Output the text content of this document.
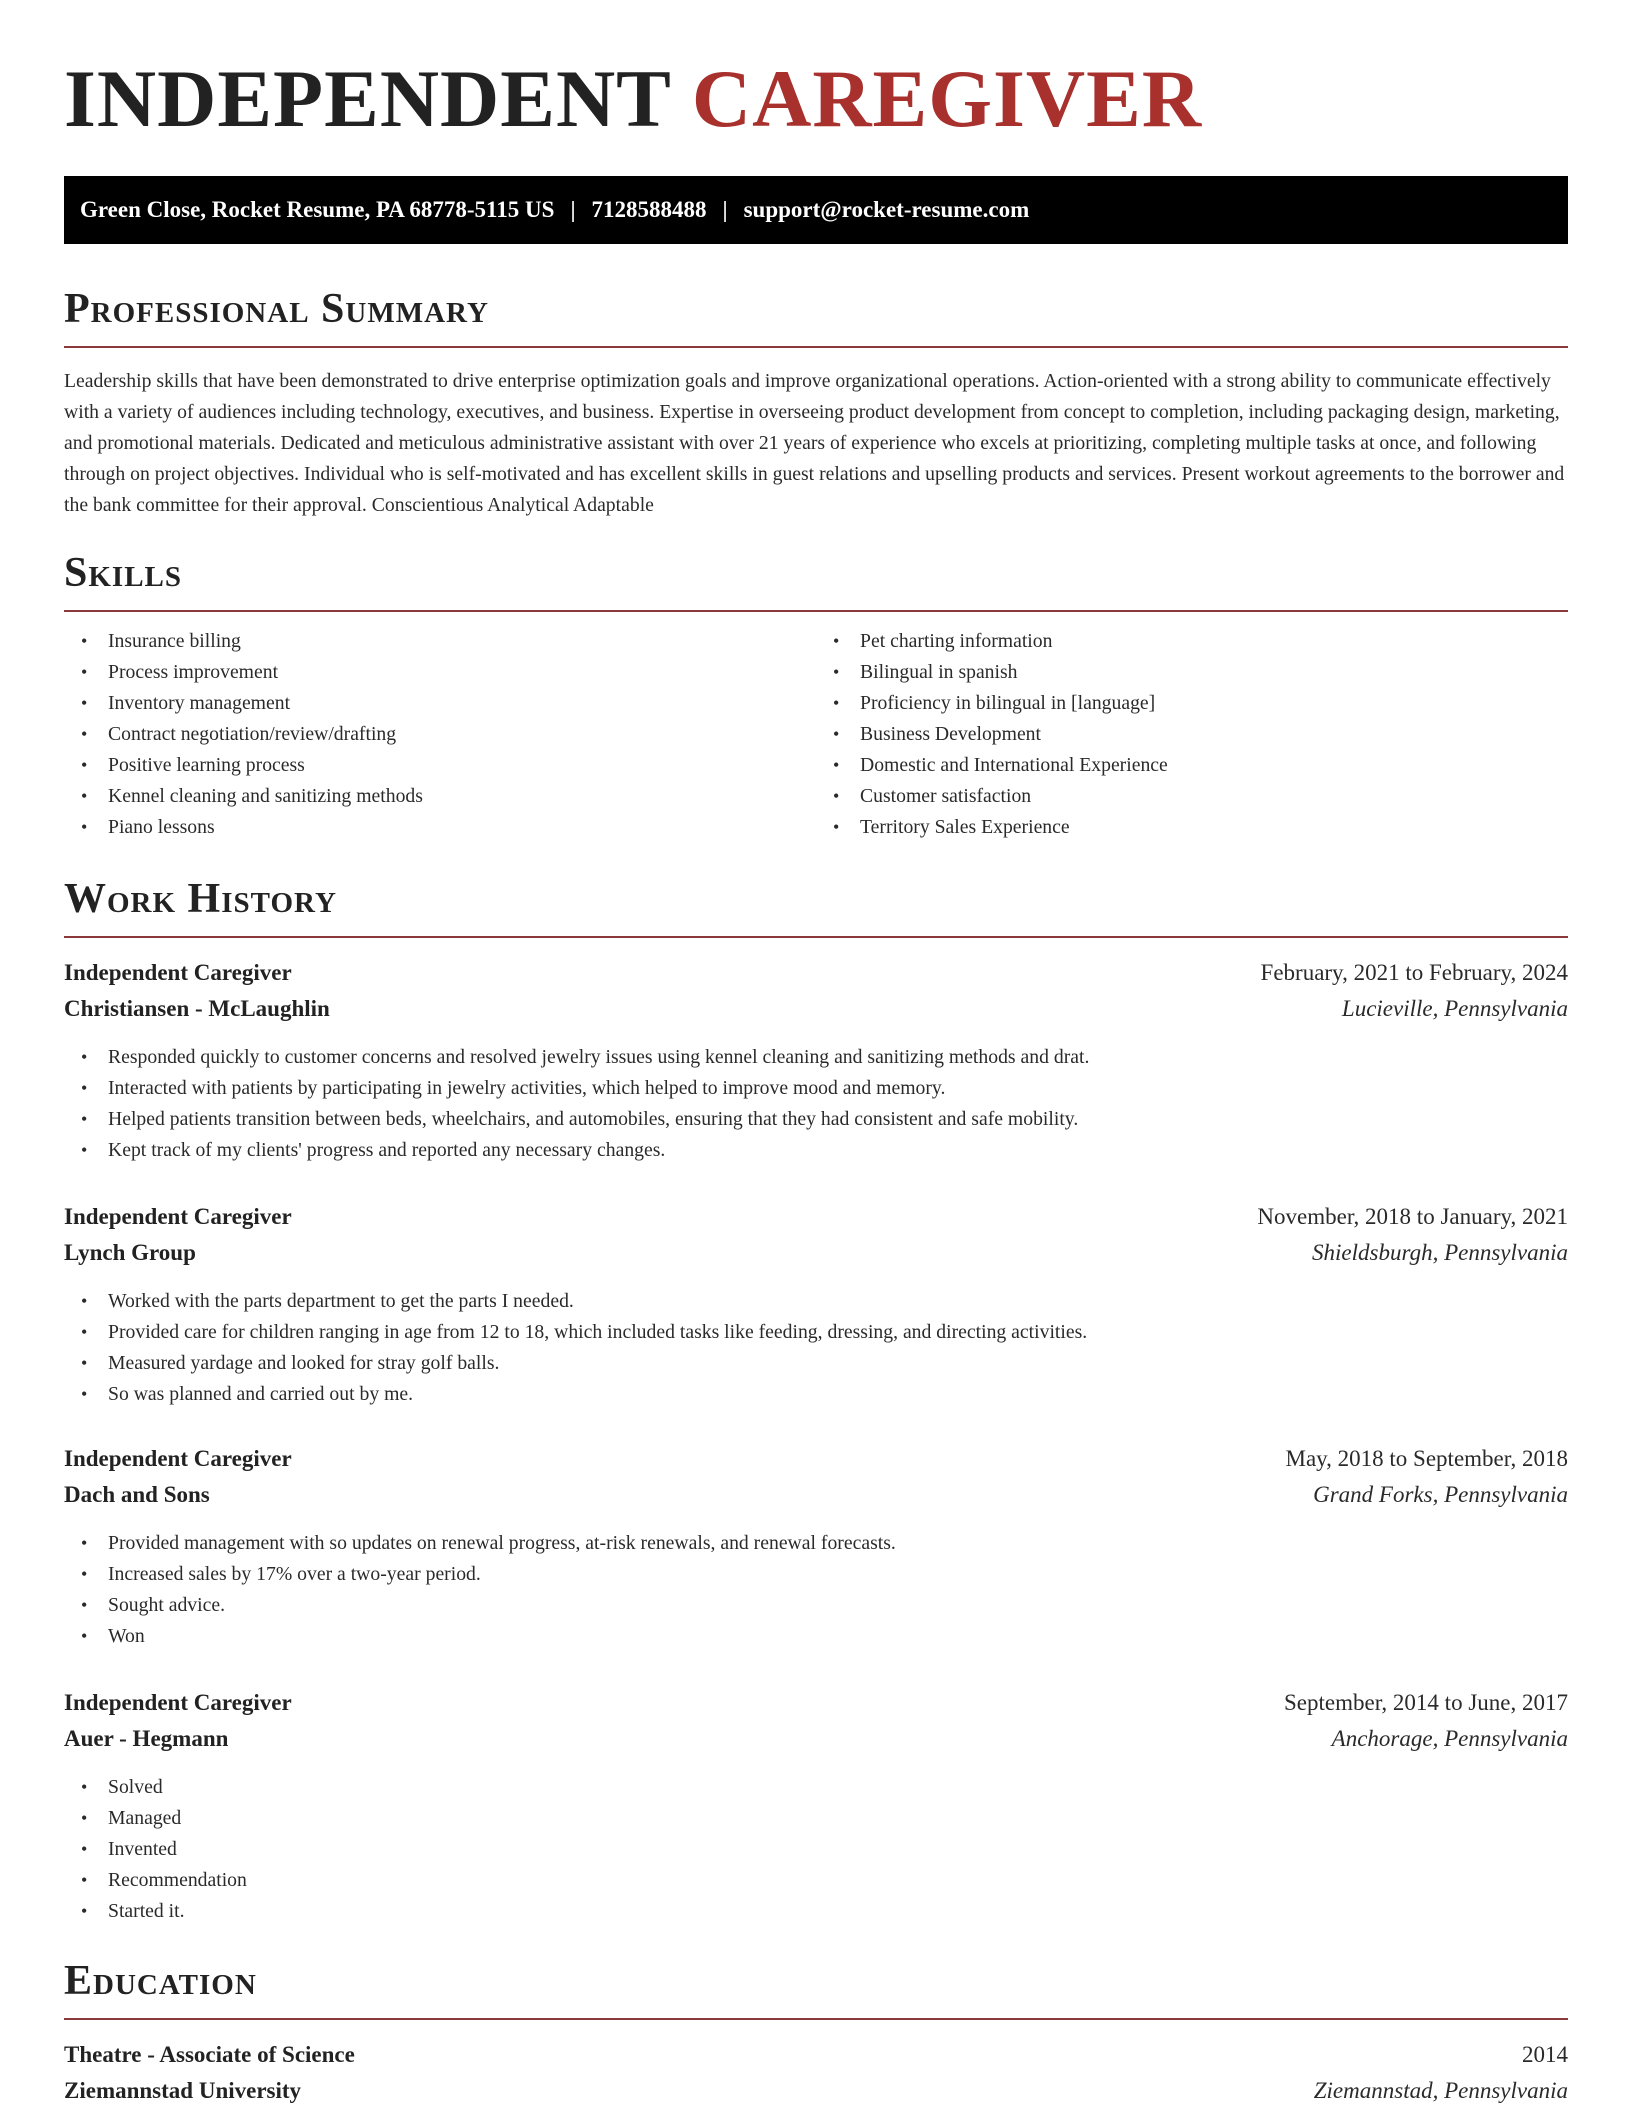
INDEPENDENT CAREGIVER
Green Close, Rocket Resume, PA 68778-5115 US | 7128588488 | support@rocket-resume.com
Professional Summary

Leadership skills that have been demonstrated to drive enterprise optimization goals and improve organizational operations. Action-oriented with a strong ability to communicate effectively with a variety of audiences including technology, executives, and business. Expertise in overseeing product development from concept to completion, including packaging design, marketing, and promotional materials. Dedicated and meticulous administrative assistant with over 21 years of experience who excels at prioritizing, completing multiple tasks at once, and following through on project objectives. Individual who is self-motivated and has excellent skills in guest relations and upselling products and services. Present workout agreements to the borrower and the bank committee for their approval. Conscientious Analytical Adaptable

Skills
• Insurance billing
• Process improvement
• Inventory management
• Contract negotiation/review/drafting
• Positive learning process
• Kennel cleaning and sanitizing methods
• Piano lessons
• Pet charting information
• Bilingual in spanish
• Proficiency in bilingual in [language]
• Business Development
• Domestic and International Experience
• Customer satisfaction
• Territory Sales Experience
Work History
Independent Caregiver	February, 2021 to February, 2024
Christiansen - McLaughlin	Lucieville, Pennsylvania
• Responded quickly to customer concerns and resolved jewelry issues using kennel cleaning and sanitizing methods and drat.
• Interacted with patients by participating in jewelry activities, which helped to improve mood and memory.
• Helped patients transition between beds, wheelchairs, and automobiles, ensuring that they had consistent and safe mobility.
• Kept track of my clients' progress and reported any necessary changes.
Independent Caregiver	November, 2018 to January, 2021
Lynch Group	Shieldsburgh, Pennsylvania
• Worked with the parts department to get the parts I needed.
• Provided care for children ranging in age from 12 to 18, which included tasks like feeding, dressing, and directing activities.
• Measured yardage and looked for stray golf balls.
• So was planned and carried out by me.
Independent Caregiver	May, 2018 to September, 2018
Dach and Sons	Grand Forks, Pennsylvania
• Provided management with so updates on renewal progress, at-risk renewals, and renewal forecasts.
• Increased sales by 17% over a two-year period.
• Sought advice.
• Won
Independent Caregiver	September, 2014 to June, 2017
Auer - Hegmann	Anchorage, Pennsylvania
• Solved
• Managed
• Invented
• Recommendation
• Started it.
Education
Theatre - Associate of Science	2014
Ziemannstad University	Ziemannstad, Pennsylvania
